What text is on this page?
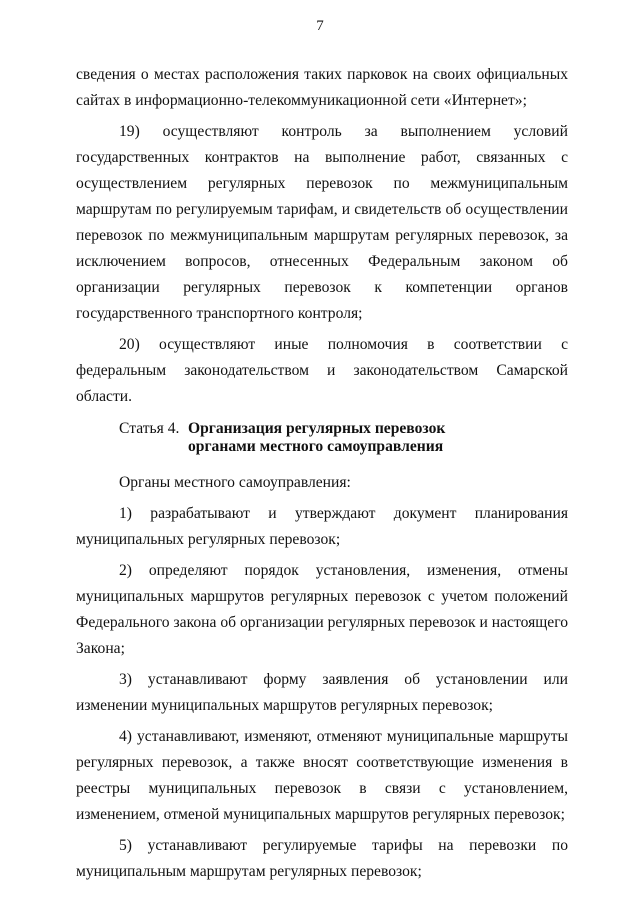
7

сведения о местах расположения таких парковок на своих официальных сайтах в информационно-телекоммуникационной сети «Интернет»;

19) осуществляют контроль за выполнением условий государственных контрактов на выполнение работ, связанных с осуществлением регулярных перевозок по межмуниципальным маршрутам по регулируемым тарифам, и свидетельств об осуществлении перевозок по межмуниципальным маршрутам регулярных перевозок, за исключением вопросов, отнесенных Федеральным законом об организации регулярных перевозок к компетенции органов государственного транспортного контроля;

20) осуществляют иные полномочия в соответствии с федеральным законодательством и законодательством Самарской области.

Статья 4. Организация регулярных перевозок
органами местного самоуправления

Органы местного самоуправления:

1) разрабатывают и утверждают документ планирования муниципальных регулярных перевозок;

2) определяют порядок установления, изменения, отмены муниципальных маршрутов регулярных перевозок с учетом положений Федерального закона об организации регулярных перевозок и настоящего Закона;

3) устанавливают форму заявления об установлении или изменении муниципальных маршрутов регулярных перевозок;

4) устанавливают, изменяют, отменяют муниципальные маршруты регулярных перевозок, а также вносят соответствующие изменения в реестры муниципальных перевозок в связи с установлением, изменением, отменой муниципальных маршрутов регулярных перевозок;

5) устанавливают регулируемые тарифы на перевозки по муниципальным маршрутам регулярных перевозок;
